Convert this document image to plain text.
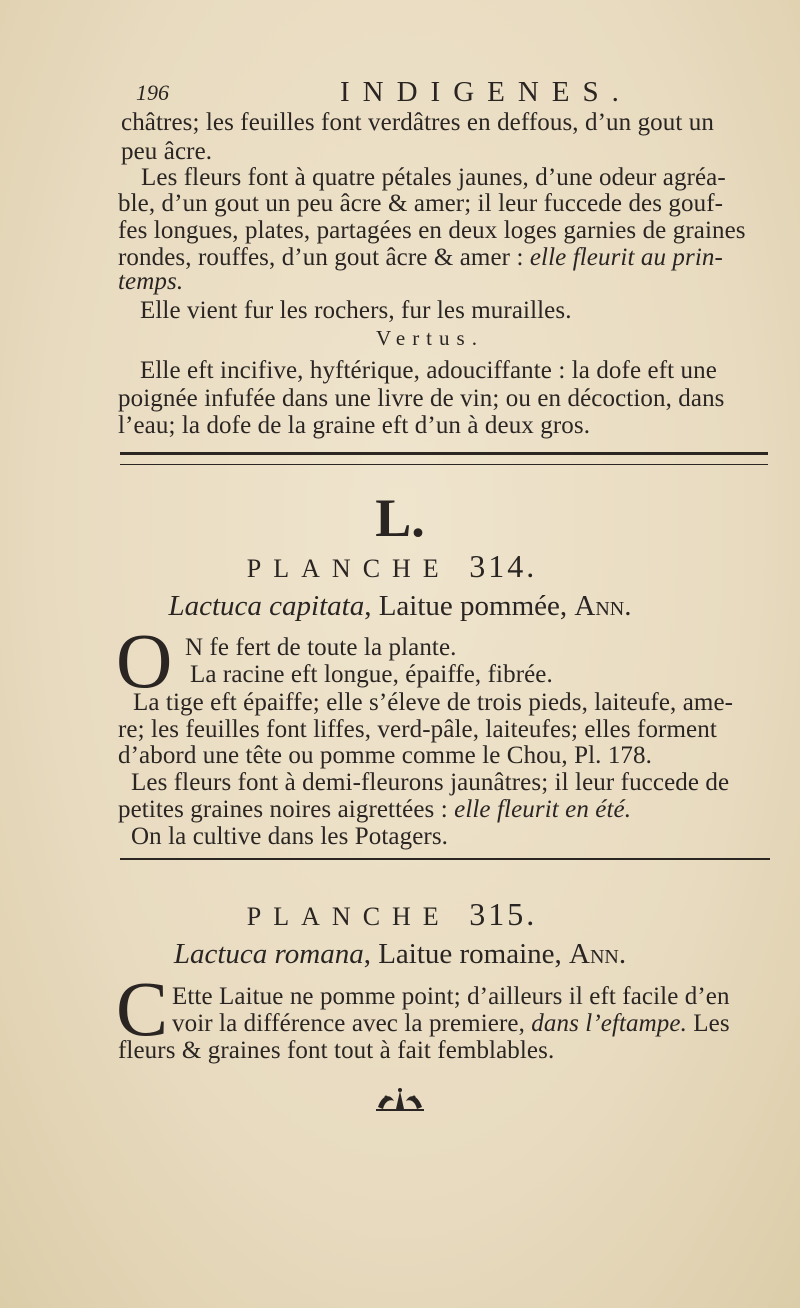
196	INDIGENES.
châtres; les feuilles font verdâtres en deffous, d’un gout un
peu âcre.
Les fleurs font à quatre pétales jaunes, d’une odeur agréa-
ble, d’un gout un peu âcre & amer; il leur fuccede des gouf-
fes longues, plates, partagées en deux loges garnies de graines
rondes, rouffes, d’un gout âcre & amer : elle fleurit au prin-
temps.
Elle vient fur les rochers, fur les murailles.
Vertus.
Elle eft incifive, hyftérique, adouciffante : la dofe eft une
poignée infufée dans une livre de vin; ou en décoction, dans
l’eau; la dofe de la graine eft d’un à deux gros.
L.
PLANCHE 314.
Lactuca capitata, Laitue pommée, Ann.
O N fe fert de toute la plante.
La racine eft longue, épaiffe, fibrée.
La tige eft épaiffe; elle s’éleve de trois pieds, laiteufe, ame-
re; les feuilles font liffes, verd-pâle, laiteufes; elles forment
d’abord une tête ou pomme comme le Chou, Pl. 178.
Les fleurs font à demi-fleurons jaunâtres; il leur fuccede de
petites graines noires aigrettées : elle fleurit en été.
On la cultive dans les Potagers.
PLANCHE 315.
Lactuca romana, Laitue romaine, Ann.
C Ette Laitue ne pomme point; d’ailleurs il eft facile d’en
voir la différence avec la premiere, dans l’eftampe. Les
fleurs & graines font tout à fait femblables.
